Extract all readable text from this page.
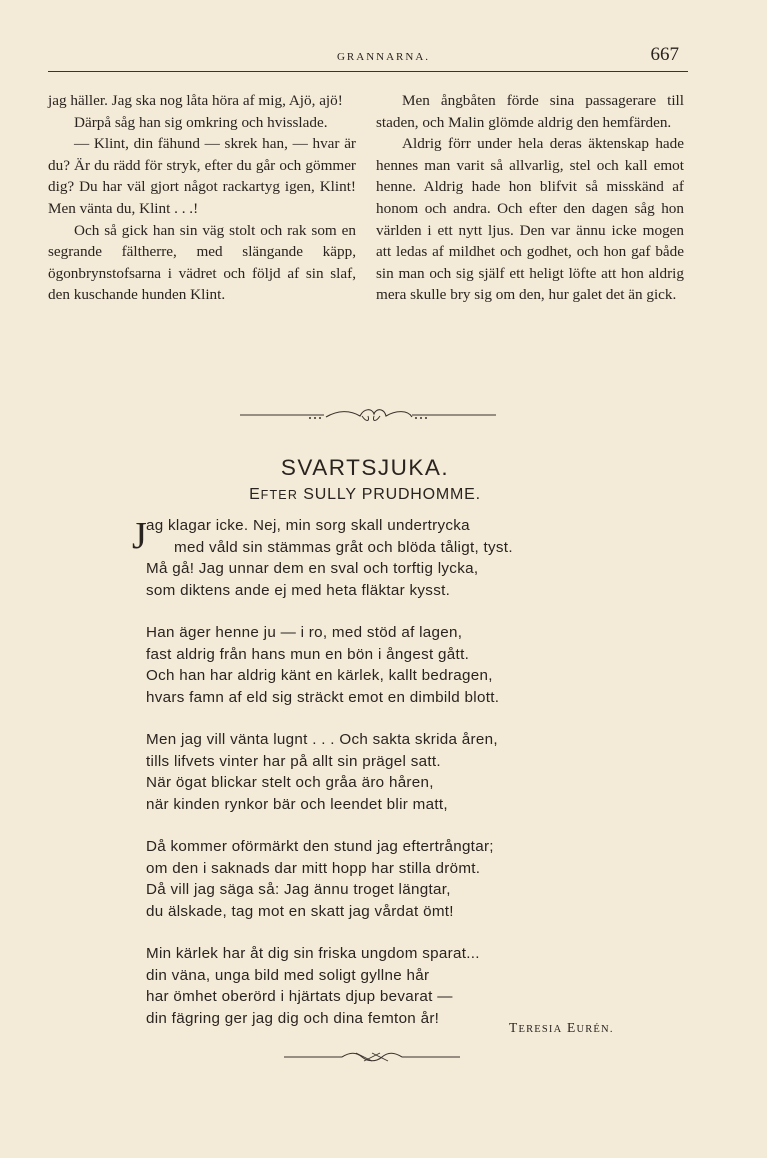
GRANNARNA.	667

jag häller. Jag ska nog låta höra af mig, Ajö, ajö!

Därpå såg han sig omkring och hvisslade.

— Klint, din fähund — skrek han, — hvar är du? Är du rädd för stryk, efter du går och gömmer dig? Du har väl gjort något rackartyg igen, Klint! Men vänta du, Klint . . .!

Och så gick han sin väg stolt och rak som en segrande fältherre, med slängande käpp, ögonbrynstofsarna i vädret och följd af sin slaf, den kuschande hunden Klint.

Men ångbåten förde sina passagerare till staden, och Malin glömde aldrig den hemfärden.

Aldrig förr under hela deras äktenskap hade hennes man varit så allvarlig, stel och kall emot henne. Aldrig hade hon blifvit så misskänd af honom och andra. Och efter den dagen såg hon världen i ett nytt ljus. Den var ännu icke mogen att ledas af mildhet och godhet, och hon gaf både sin man och sig själf ett heligt löfte att hon aldrig mera skulle bry sig om den, hur galet det än gick.

SVARTSJUKA.
EFTER SULLY PRUDHOMME.
J
ag klagar icke. Nej, min sorg skall undertrycka
med våld sin stämmas gråt och blöda tåligt, tyst.
Må gå! Jag unnar dem en sval och torftig lycka,
som diktens ande ej med heta fläktar kysst.
Han äger henne ju — i ro, med stöd af lagen,
fast aldrig från hans mun en bön i ångest gått.
Och han har aldrig känt en kärlek, kallt bedragen,
hvars famn af eld sig sträckt emot en dimbild blott.
Men jag vill vänta lugnt . . . Och sakta skrida åren,
tills lifvets vinter har på allt sin prägel satt.
När ögat blickar stelt och gråa äro håren,
när kinden rynkor bär och leendet blir matt,
Då kommer oförmärkt den stund jag eftertrångtar;
om den i saknads dar mitt hopp har stilla drömt.
Då vill jag säga så: Jag ännu troget längtar,
du älskade, tag mot en skatt jag vårdat ömt!
Min kärlek har åt dig sin friska ungdom sparat...
din väna, unga bild med soligt gyllne hår
har ömhet oberörd i hjärtats djup bevarat —
din fägring ger jag dig och dina femton år!
TERESIA EURÉN.
